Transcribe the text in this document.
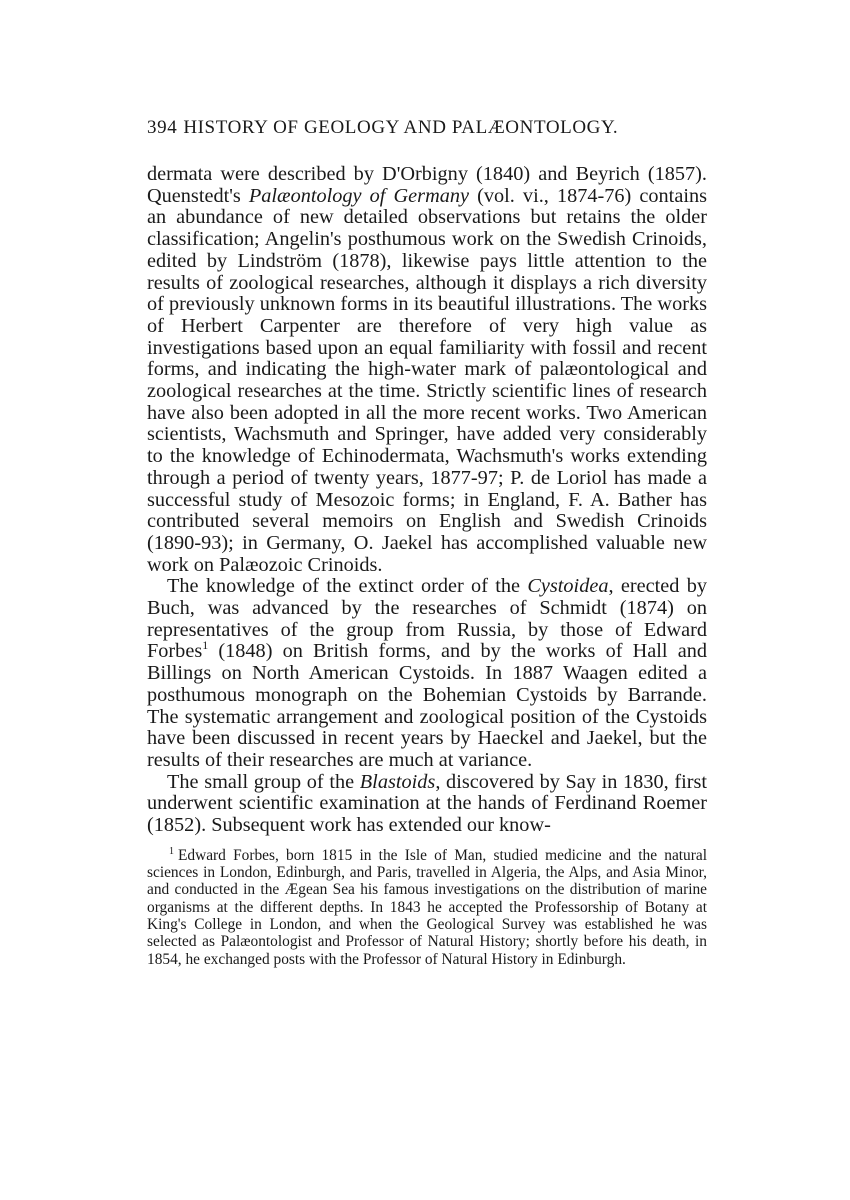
394 HISTORY OF GEOLOGY AND PALÆONTOLOGY.

dermata were described by D'Orbigny (1840) and Beyrich (1857). Quenstedt's Palæontology of Germany (vol. vi., 1874-76) contains an abundance of new detailed observations but retains the older classification; Angelin's posthumous work on the Swedish Crinoids, edited by Lindström (1878), likewise pays little attention to the results of zoological researches, although it displays a rich diversity of previously unknown forms in its beautiful illustrations. The works of Herbert Carpenter are therefore of very high value as investigations based upon an equal familiarity with fossil and recent forms, and indicating the high-water mark of palæontological and zoological researches at the time. Strictly scientific lines of research have also been adopted in all the more recent works. Two American scientists, Wachsmuth and Springer, have added very considerably to the knowledge of Echinodermata, Wachsmuth's works extending through a period of twenty years, 1877-97; P. de Loriol has made a successful study of Mesozoic forms; in England, F. A. Bather has contributed several memoirs on English and Swedish Crinoids (1890-93); in Germany, O. Jaekel has accomplished valuable new work on Palæozoic Crinoids.

The knowledge of the extinct order of the Cystoidea, erected by Buch, was advanced by the researches of Schmidt (1874) on representatives of the group from Russia, by those of Edward Forbes$^1$ (1848) on British forms, and by the works of Hall and Billings on North American Cystoids. In 1887 Waagen edited a posthumous monograph on the Bohemian Cystoids by Barrande. The systematic arrangement and zoological position of the Cystoids have been discussed in recent years by Haeckel and Jaekel, but the results of their researches are much at variance.

The small group of the Blastoids, discovered by Say in 1830, first underwent scientific examination at the hands of Ferdinand Roemer (1852). Subsequent work has extended our know-

$^1$ Edward Forbes, born 1815 in the Isle of Man, studied medicine and the natural sciences in London, Edinburgh, and Paris, travelled in Algeria, the Alps, and Asia Minor, and conducted in the Ægean Sea his famous investigations on the distribution of marine organisms at the different depths. In 1843 he accepted the Professorship of Botany at King's College in London, and when the Geological Survey was established he was selected as Palæontologist and Professor of Natural History; shortly before his death, in 1854, he exchanged posts with the Professor of Natural History in Edinburgh.
